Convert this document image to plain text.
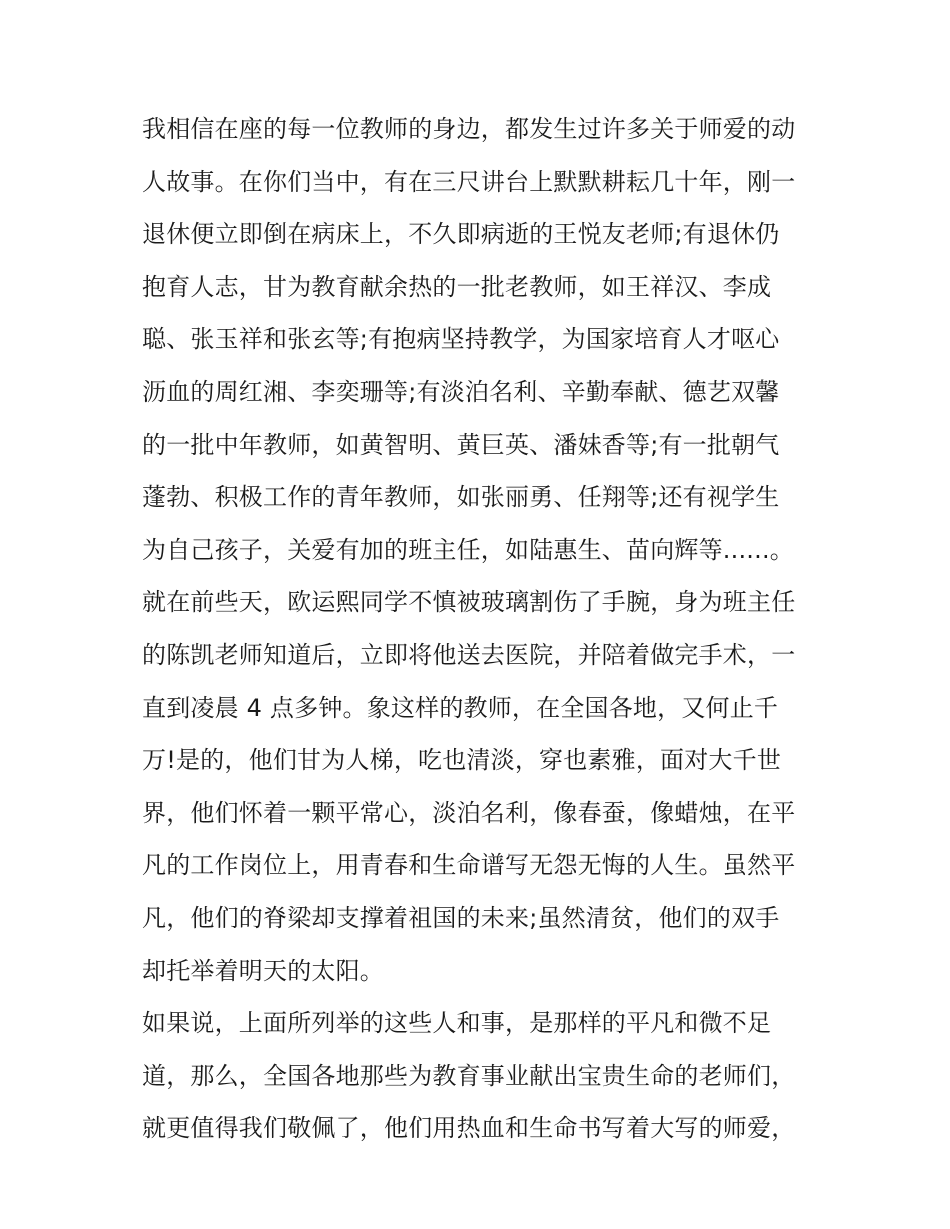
我相信在座的每一位教师的身边，都发生过许多关于师爱的动
人故事。在你们当中，有在三尺讲台上默默耕耘几十年，刚一
退休便立即倒在病床上，不久即病逝的王悦友老师;有退休仍
抱育人志，甘为教育献余热的一批老教师，如王祥汉、李成
聪、张玉祥和张玄等;有抱病坚持教学，为国家培育人才呕心
沥血的周红湘、李奕珊等;有淡泊名利、辛勤奉献、德艺双馨
的一批中年教师，如黄智明、黄巨英、潘妹香等;有一批朝气
蓬勃、积极工作的青年教师，如张丽勇、任翔等;还有视学生
为自己孩子，关爱有加的班主任，如陆惠生、苗向辉等......。
就在前些天，欧运熙同学不慎被玻璃割伤了手腕，身为班主任
的陈凯老师知道后，立即将他送去医院，并陪着做完手术，一
直到凌晨 4 点多钟。象这样的教师，在全国各地，又何止千
万!是的，他们甘为人梯，吃也清淡，穿也素雅，面对大千世
界，他们怀着一颗平常心，淡泊名利，像春蚕，像蜡烛，在平
凡的工作岗位上，用青春和生命谱写无怨无悔的人生。虽然平
凡，他们的脊梁却支撑着祖国的未来;虽然清贫，他们的双手
却托举着明天的太阳。
如果说，上面所列举的这些人和事，是那样的平凡和微不足
道，那么，全国各地那些为教育事业献出宝贵生命的老师们，
就更值得我们敬佩了，他们用热血和生命书写着大写的师爱，
